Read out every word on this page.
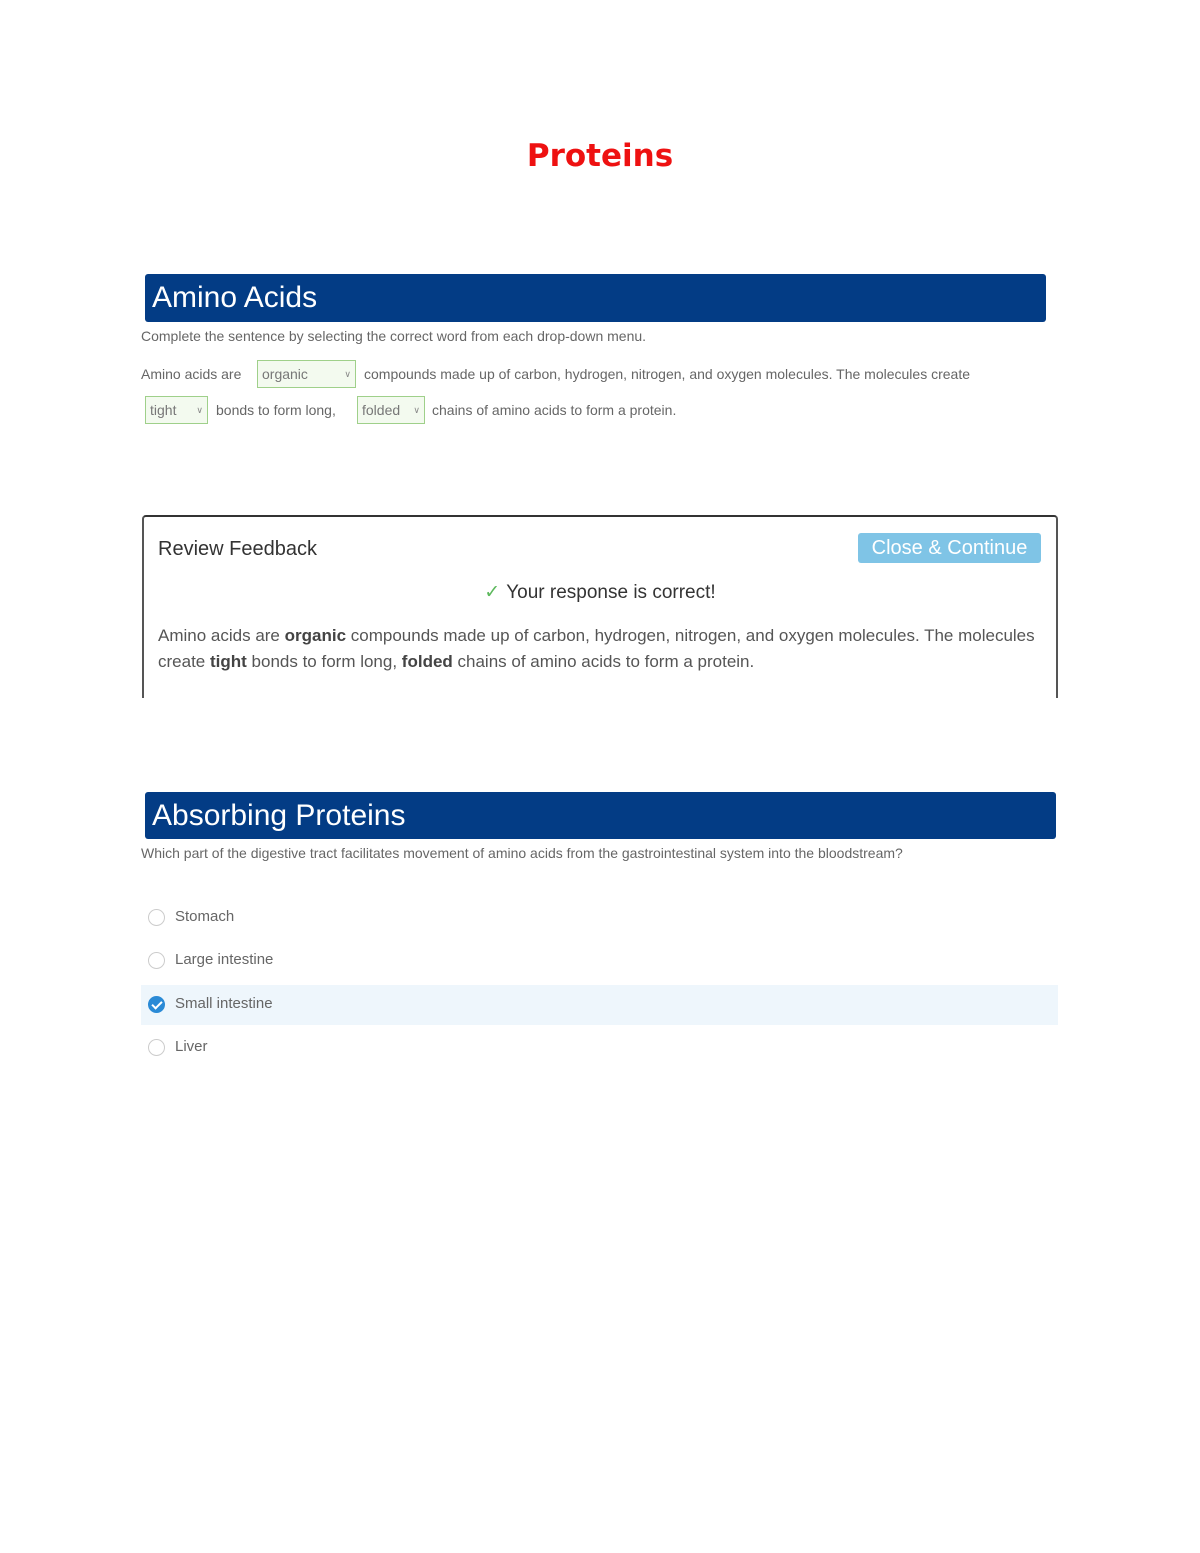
Proteins
Amino Acids
Complete the sentence by selecting the correct word from each drop-down menu.
Amino acids are	organic	∨ compounds made up of carbon, hydrogen, nitrogen, and oxygen molecules. The molecules create
tight ∨ bonds to form long,	folded ∨ chains of amino acids to form a protein.
Review Feedback	Close & Continue
✓ Your response is correct!
Amino acids are organic compounds made up of carbon, hydrogen, nitrogen, and oxygen molecules. The molecules create tight bonds to form long, folded chains of amino acids to form a protein.
Absorbing Proteins
Which part of the digestive tract facilitates movement of amino acids from the gastrointestinal system into the bloodstream?
Stomach
Large intestine
Small intestine
Liver
